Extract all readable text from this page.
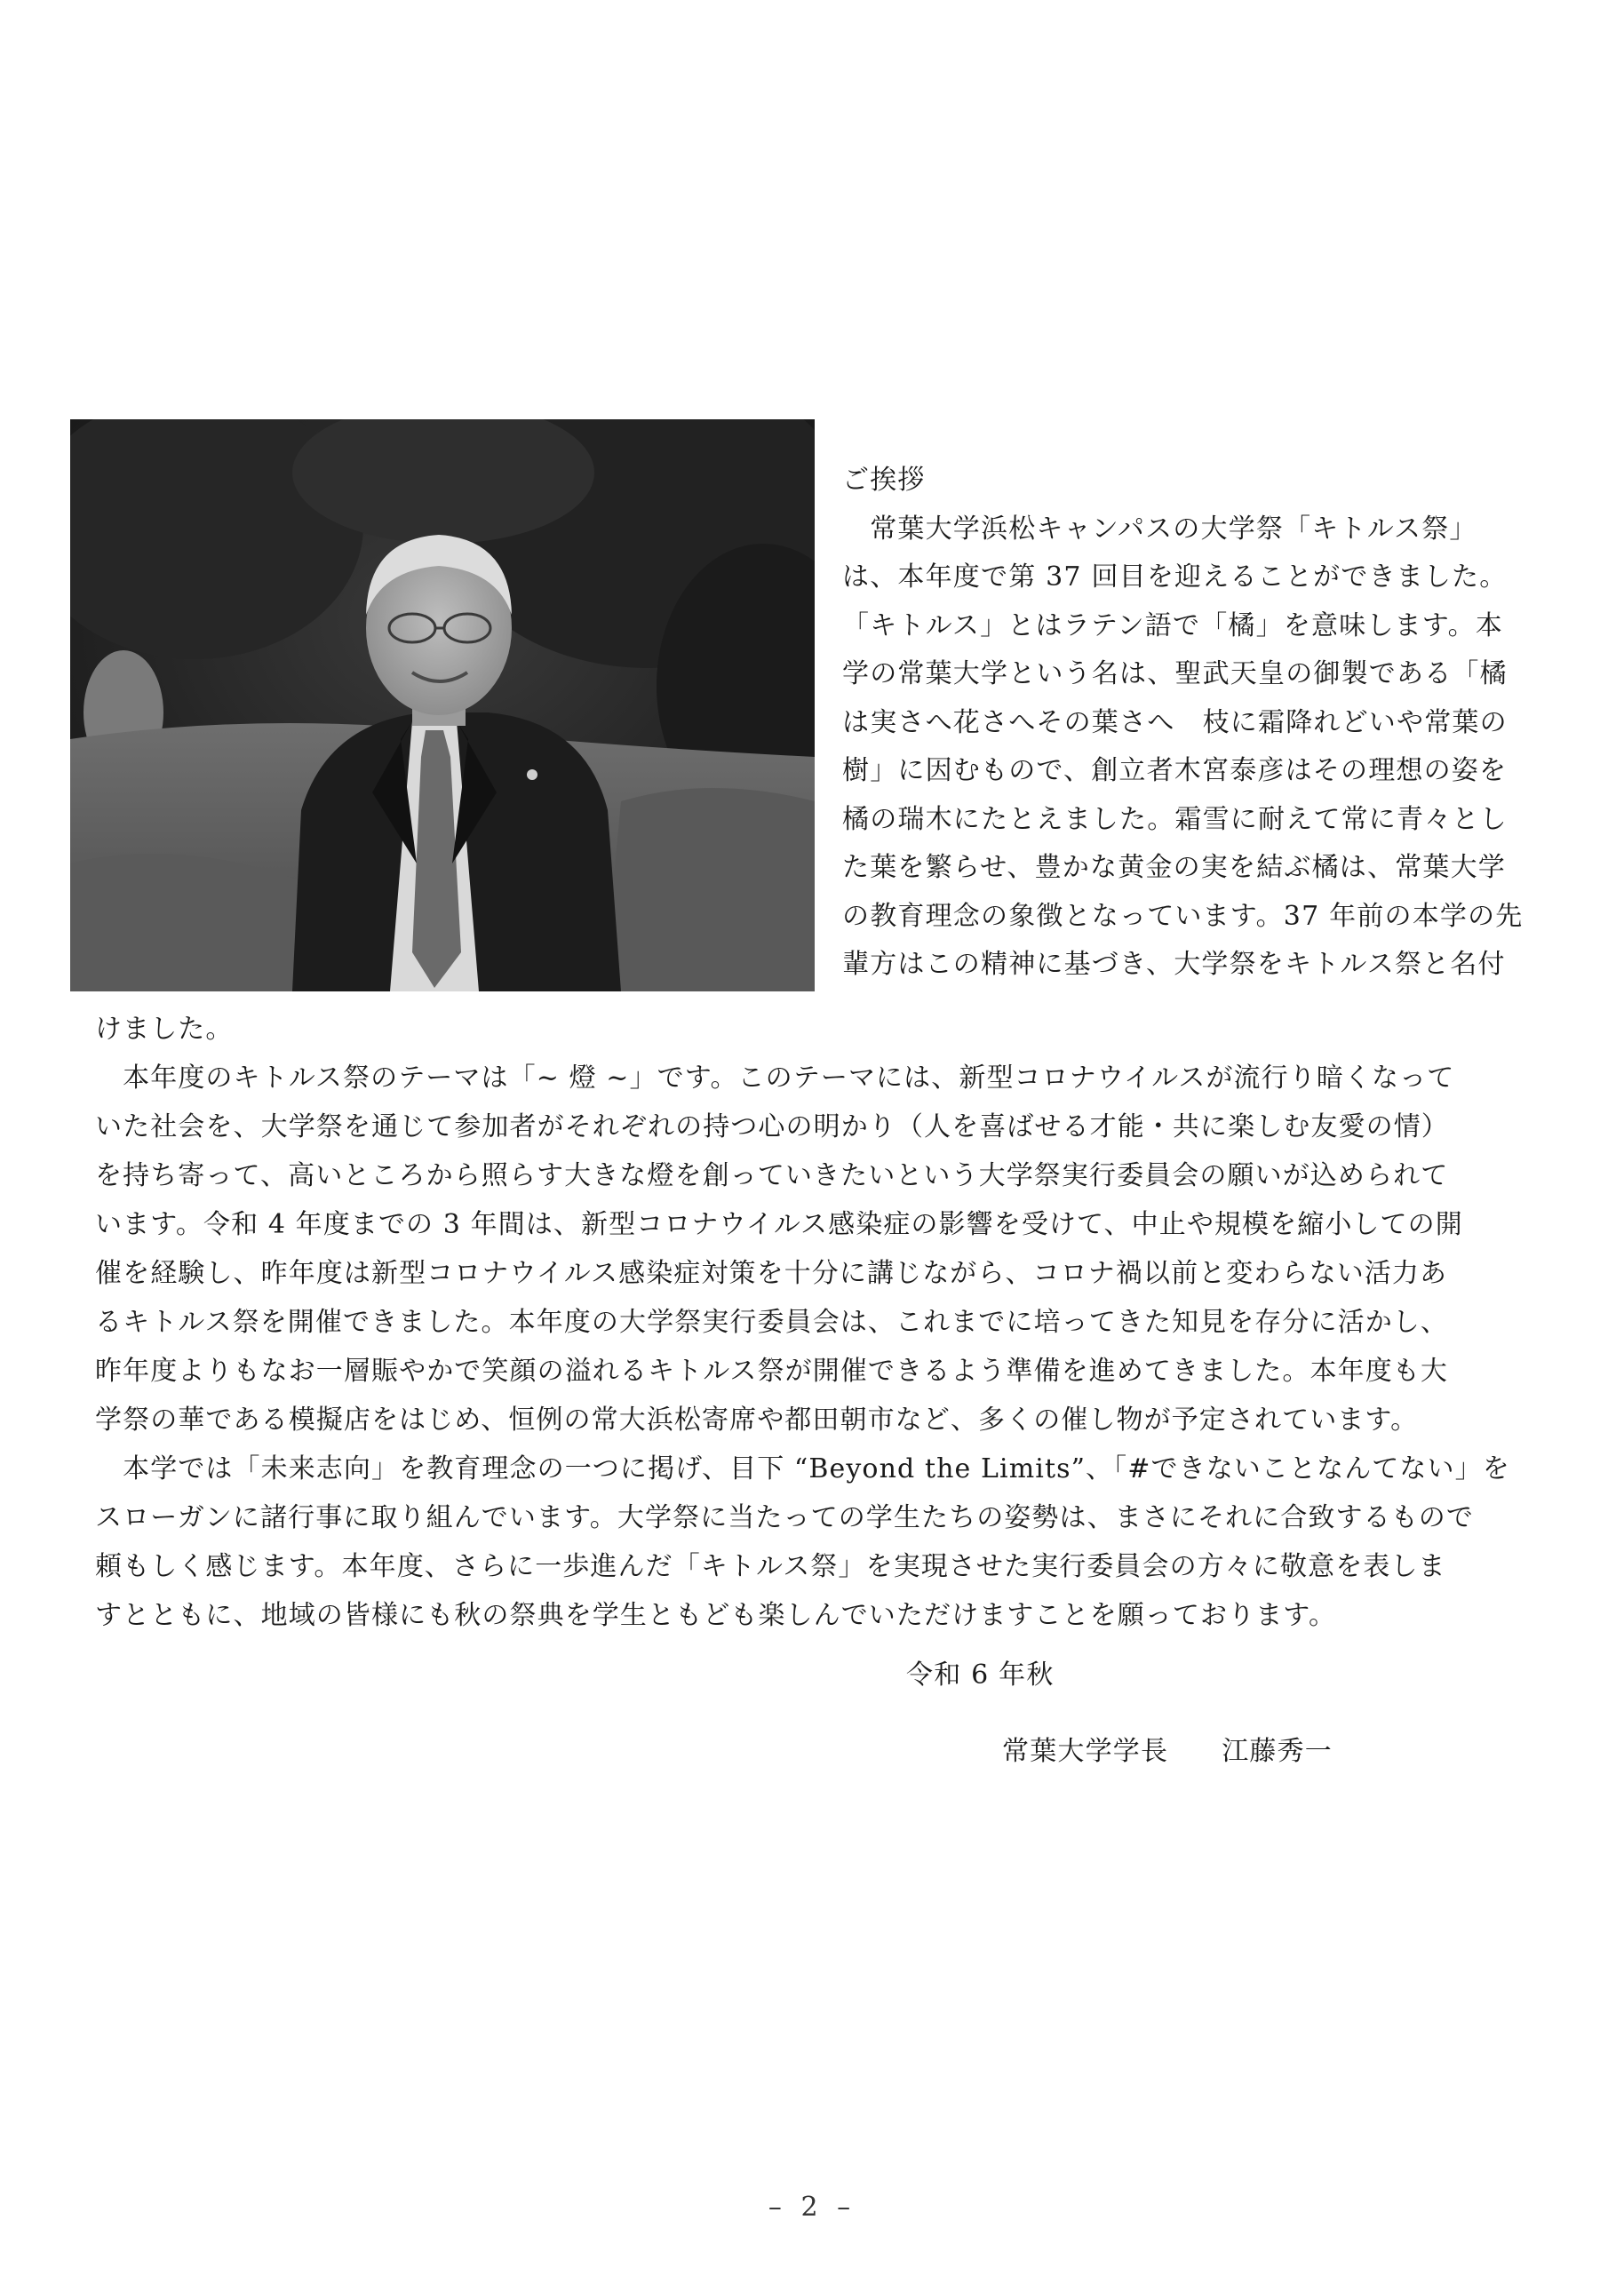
ご挨拶
　常葉大学浜松キャンパスの大学祭「キトルス祭」
は、本年度で第 37 回目を迎えることができました。
「キトルス」とはラテン語で「橘」を意味します。本
学の常葉大学という名は、聖武天皇の御製である「橘
は実さへ花さへその葉さへ　枝に霜降れどいや常葉の
樹」に因むもので、創立者木宮泰彦はその理想の姿を
橘の瑞木にたとえました。霜雪に耐えて常に青々とし
た葉を繁らせ、豊かな黄金の実を結ぶ橘は、常葉大学
の教育理念の象徴となっています。37 年前の本学の先
輩方はこの精神に基づき、大学祭をキトルス祭と名付
けました。
　本年度のキトルス祭のテーマは「~ 燈 ~」です。このテーマには、新型コロナウイルスが流行り暗くなって
いた社会を、大学祭を通じて参加者がそれぞれの持つ心の明かり（人を喜ばせる才能・共に楽しむ友愛の情）
を持ち寄って、高いところから照らす大きな燈を創っていきたいという大学祭実行委員会の願いが込められて
います。令和 4 年度までの 3 年間は、新型コロナウイルス感染症の影響を受けて、中止や規模を縮小しての開
催を経験し、昨年度は新型コロナウイルス感染症対策を十分に講じながら、コロナ禍以前と変わらない活力あ
るキトルス祭を開催できました。本年度の大学祭実行委員会は、これまでに培ってきた知見を存分に活かし、
昨年度よりもなお一層賑やかで笑顔の溢れるキトルス祭が開催できるよう準備を進めてきました。本年度も大
学祭の華である模擬店をはじめ、恒例の常大浜松寄席や都田朝市など、多くの催し物が予定されています。
　本学では「未来志向」を教育理念の一つに掲げ、目下 “Beyond the Limits”、「#できないことなんてない」を
スローガンに諸行事に取り組んでいます。大学祭に当たっての学生たちの姿勢は、まさにそれに合致するもので
頼もしく感じます。本年度、さらに一歩進んだ「キトルス祭」を実現させた実行委員会の方々に敬意を表しま
すとともに、地域の皆様にも秋の祭典を学生ともども楽しんでいただけますことを願っております。
令和 6 年秋
常葉大学学長 江藤秀一
– 2 –
